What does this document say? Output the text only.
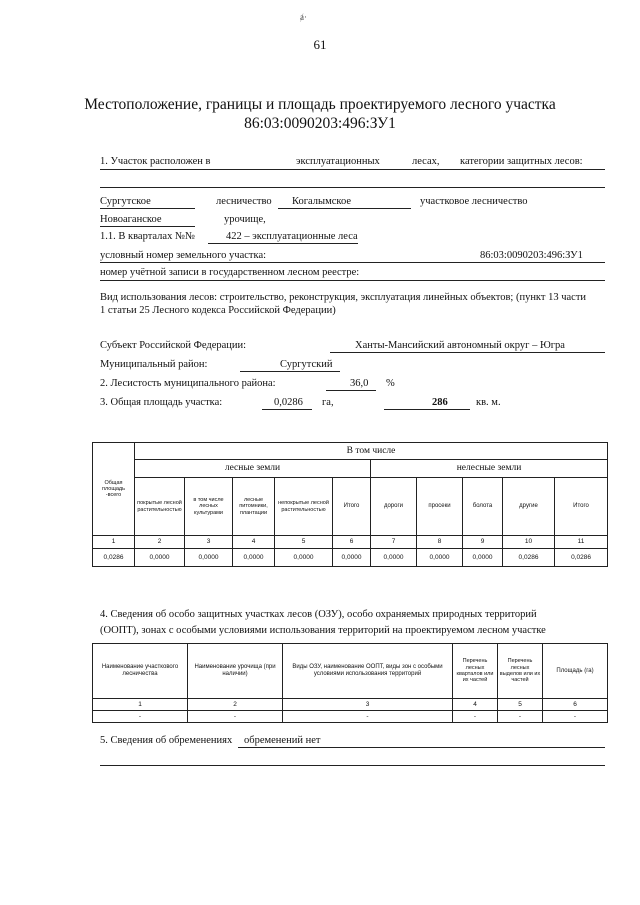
ⱥ·
61
Местоположение, границы и площадь проектируемого лесного участка
86:03:0090203:496:ЗУ1
1. Участок расположен в	эксплуатационных	лесах, категории защитных лесов:
Сургутское	лесничество Когалымское	участковое лесничество
Новоаганское	урочище,
1.1. В кварталах №№	422 – эксплуатационные леса
условный номер земельного участка:	86:03:0090203:496:ЗУ1
номер учётной записи в государственном лесном реестре:
Вид использования лесов: строительство, реконструкция, эксплуатация линейных объектов; (пункт 13 части
1 статьи 25 Лесного кодекса Российской Федерации)
Субъект Российской Федерации:	Ханты-Мансийский автономный округ – Югра
Муниципальный район:	Сургутский
2. Лесистость муниципального района:	36,0 %
3. Общая площадь участка:	0,0286 га,	286	кв. м.
Общая площадь -всего	В том числе									
	лесные земли					нелесные земли				
	покрытые лесной растительностью	в том числе лесных культурами	лесные питомники, плантации	непокрытые лесной растительностью	Итого	дороги	просеки	болота	другие	Итого
1	2	3	4	5	6	7	8	9	10	11
0,0286	0,0000	0,0000	0,0000	0,0000	0,0000	0,0000	0,0000	0,0000	0,0286	0,0286
4. Сведения об особо защитных участках лесов (ОЗУ), особо охраняемых природных территорий
(ООПТ), зонах с особыми условиями использования территорий на проектируемом лесном участке
Наименование участкового лесничества	Наименование урочища (при наличии)	Виды ОЗУ, наименование ООПТ, виды зон с особыми условиями использования территорий	Перечень лесных кварталов или их частей	Перечень лесных выделов или их частей	Площадь (га)
1	2	3	4	5	6
-	-	-	-	-	-
5. Сведения об обременениях обременений нет
